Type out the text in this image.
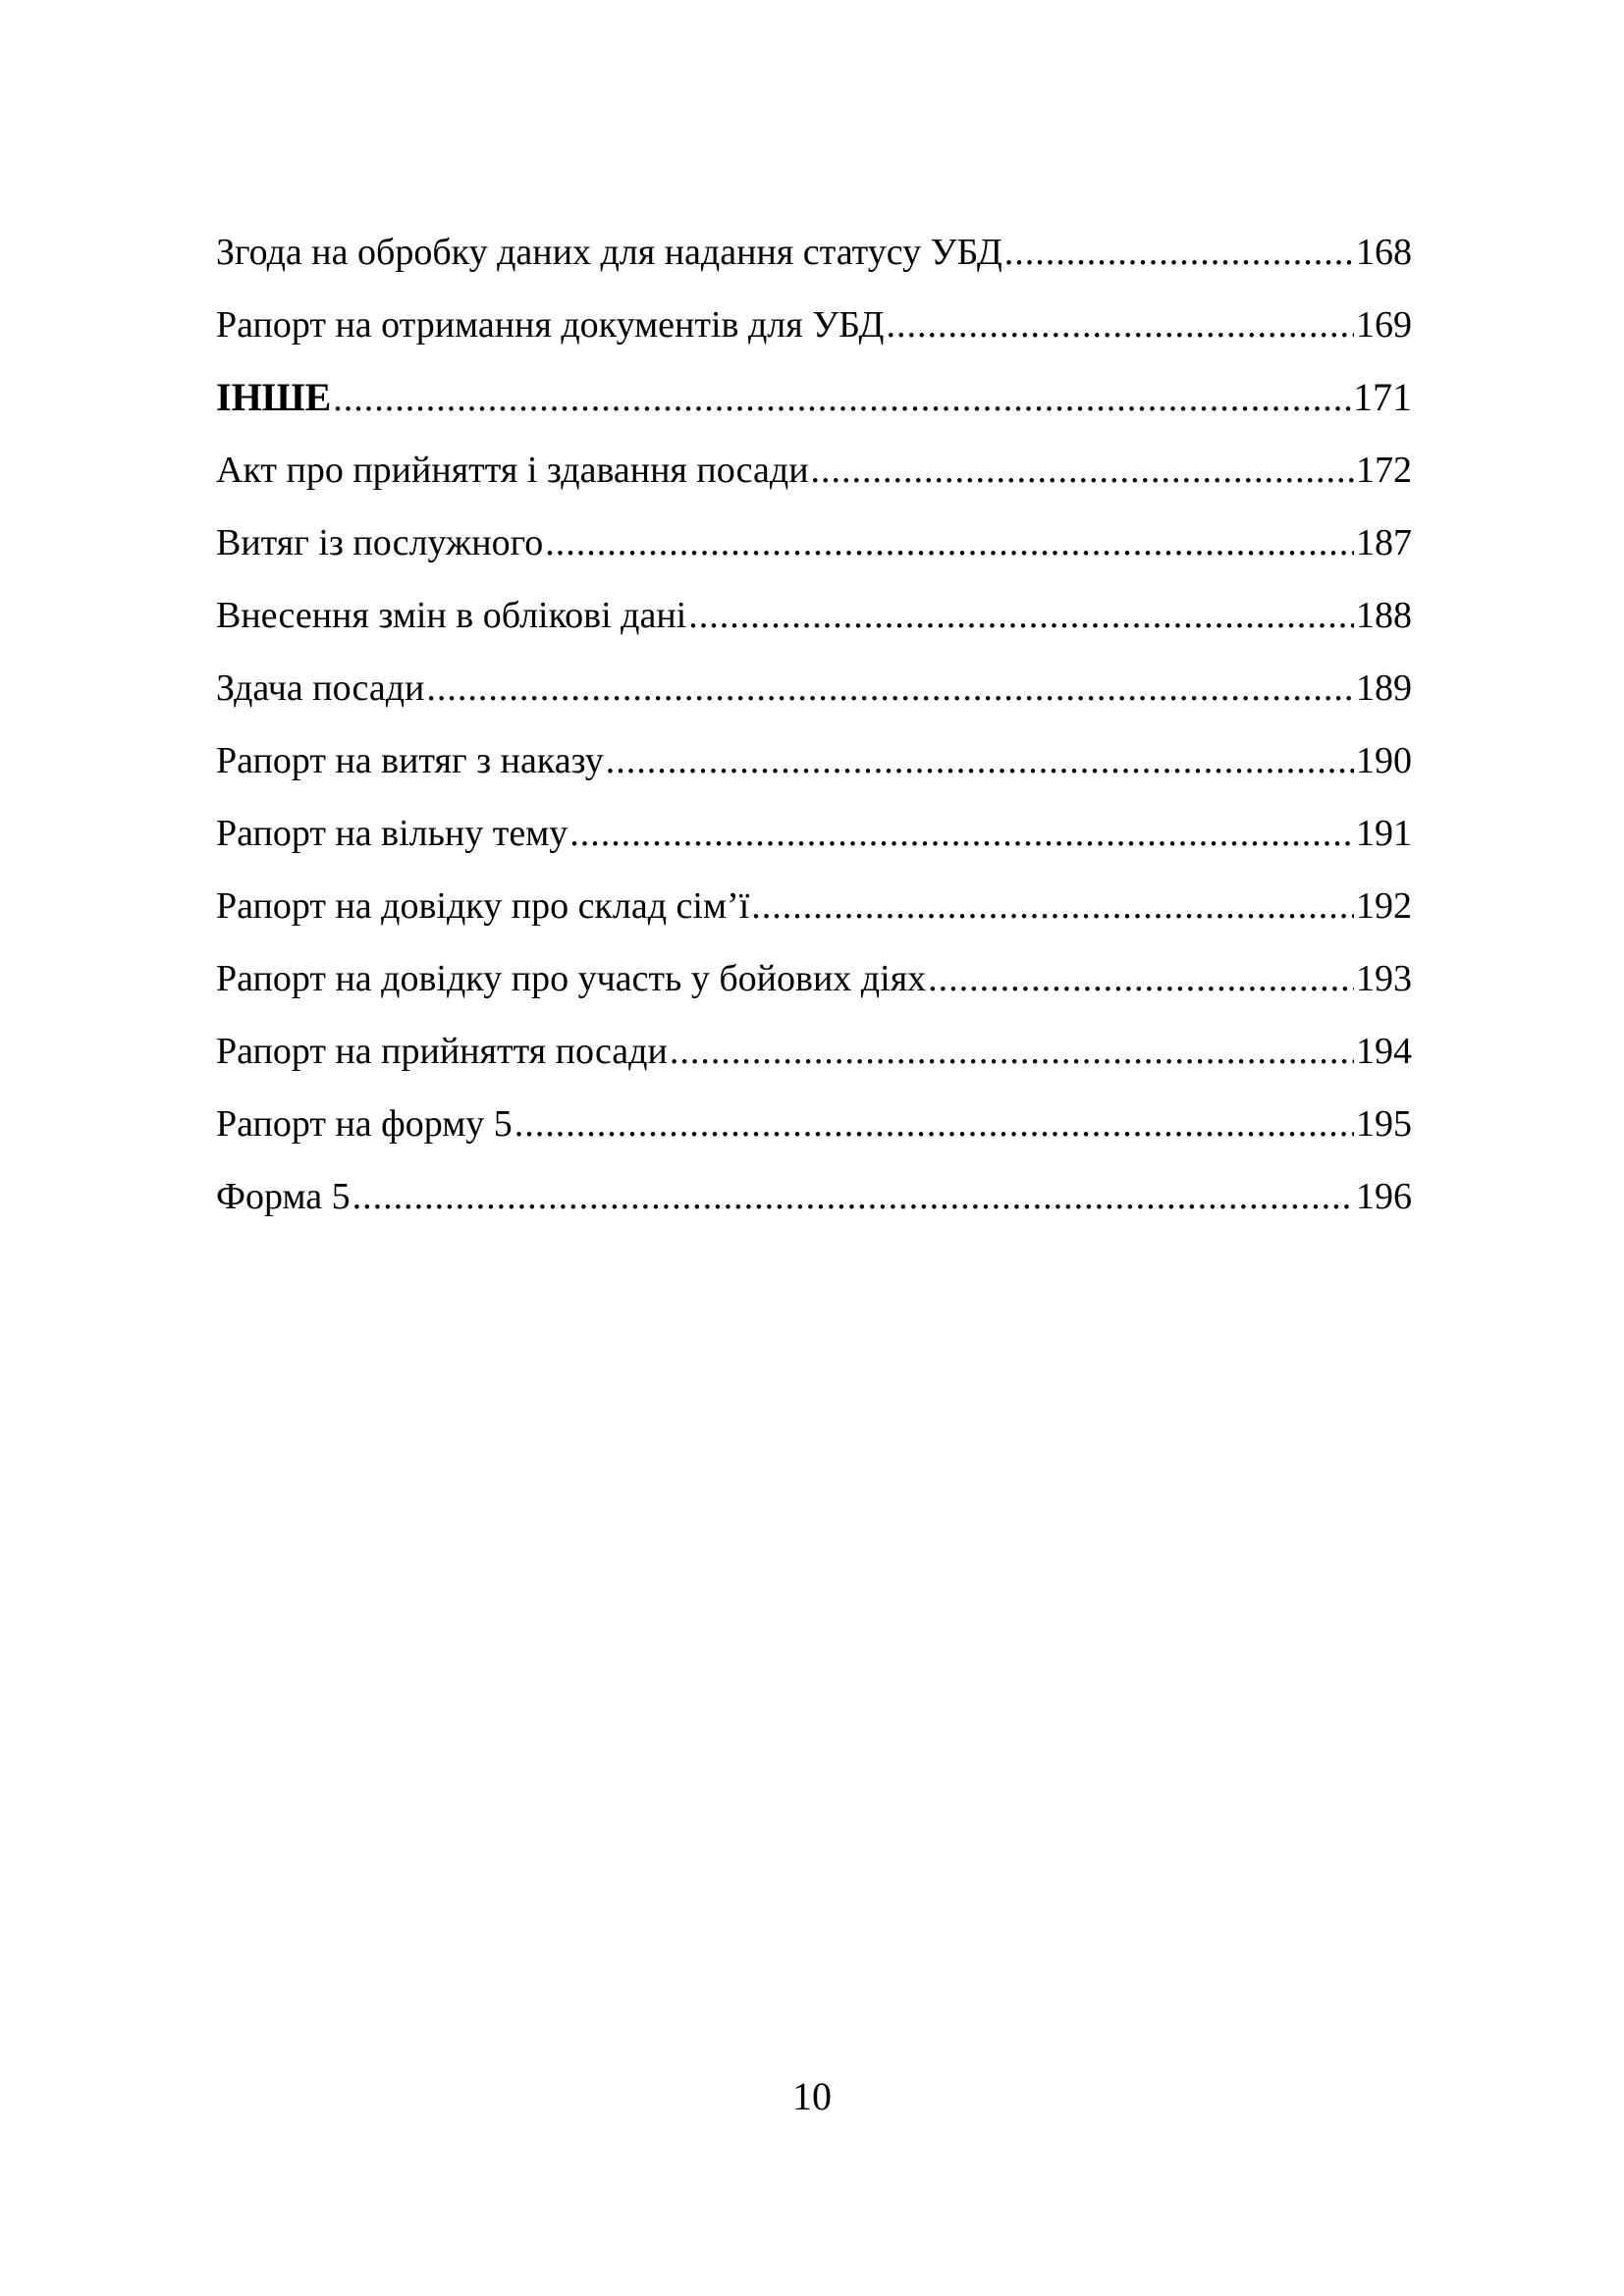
Згода на обробку даних для надання статусу УБД .....	168
Рапорт на отримання документів для УБД .....	169
ІНШЕ .....	171
Акт про прийняття і здавання посади .....	172
Витяг із послужного .....	187
Внесення змін в облікові дані .....	188
Здача посади .....	189
Рапорт на витяг з наказу .....	190
Рапорт на вільну тему .....	191
Рапорт на довідку про склад сім’ї .....	192
Рапорт на довідку про участь у бойових діях .....	193
Рапорт на прийняття посади .....	194
Рапорт на форму 5 .....	195
Форма 5 .....	196
10
